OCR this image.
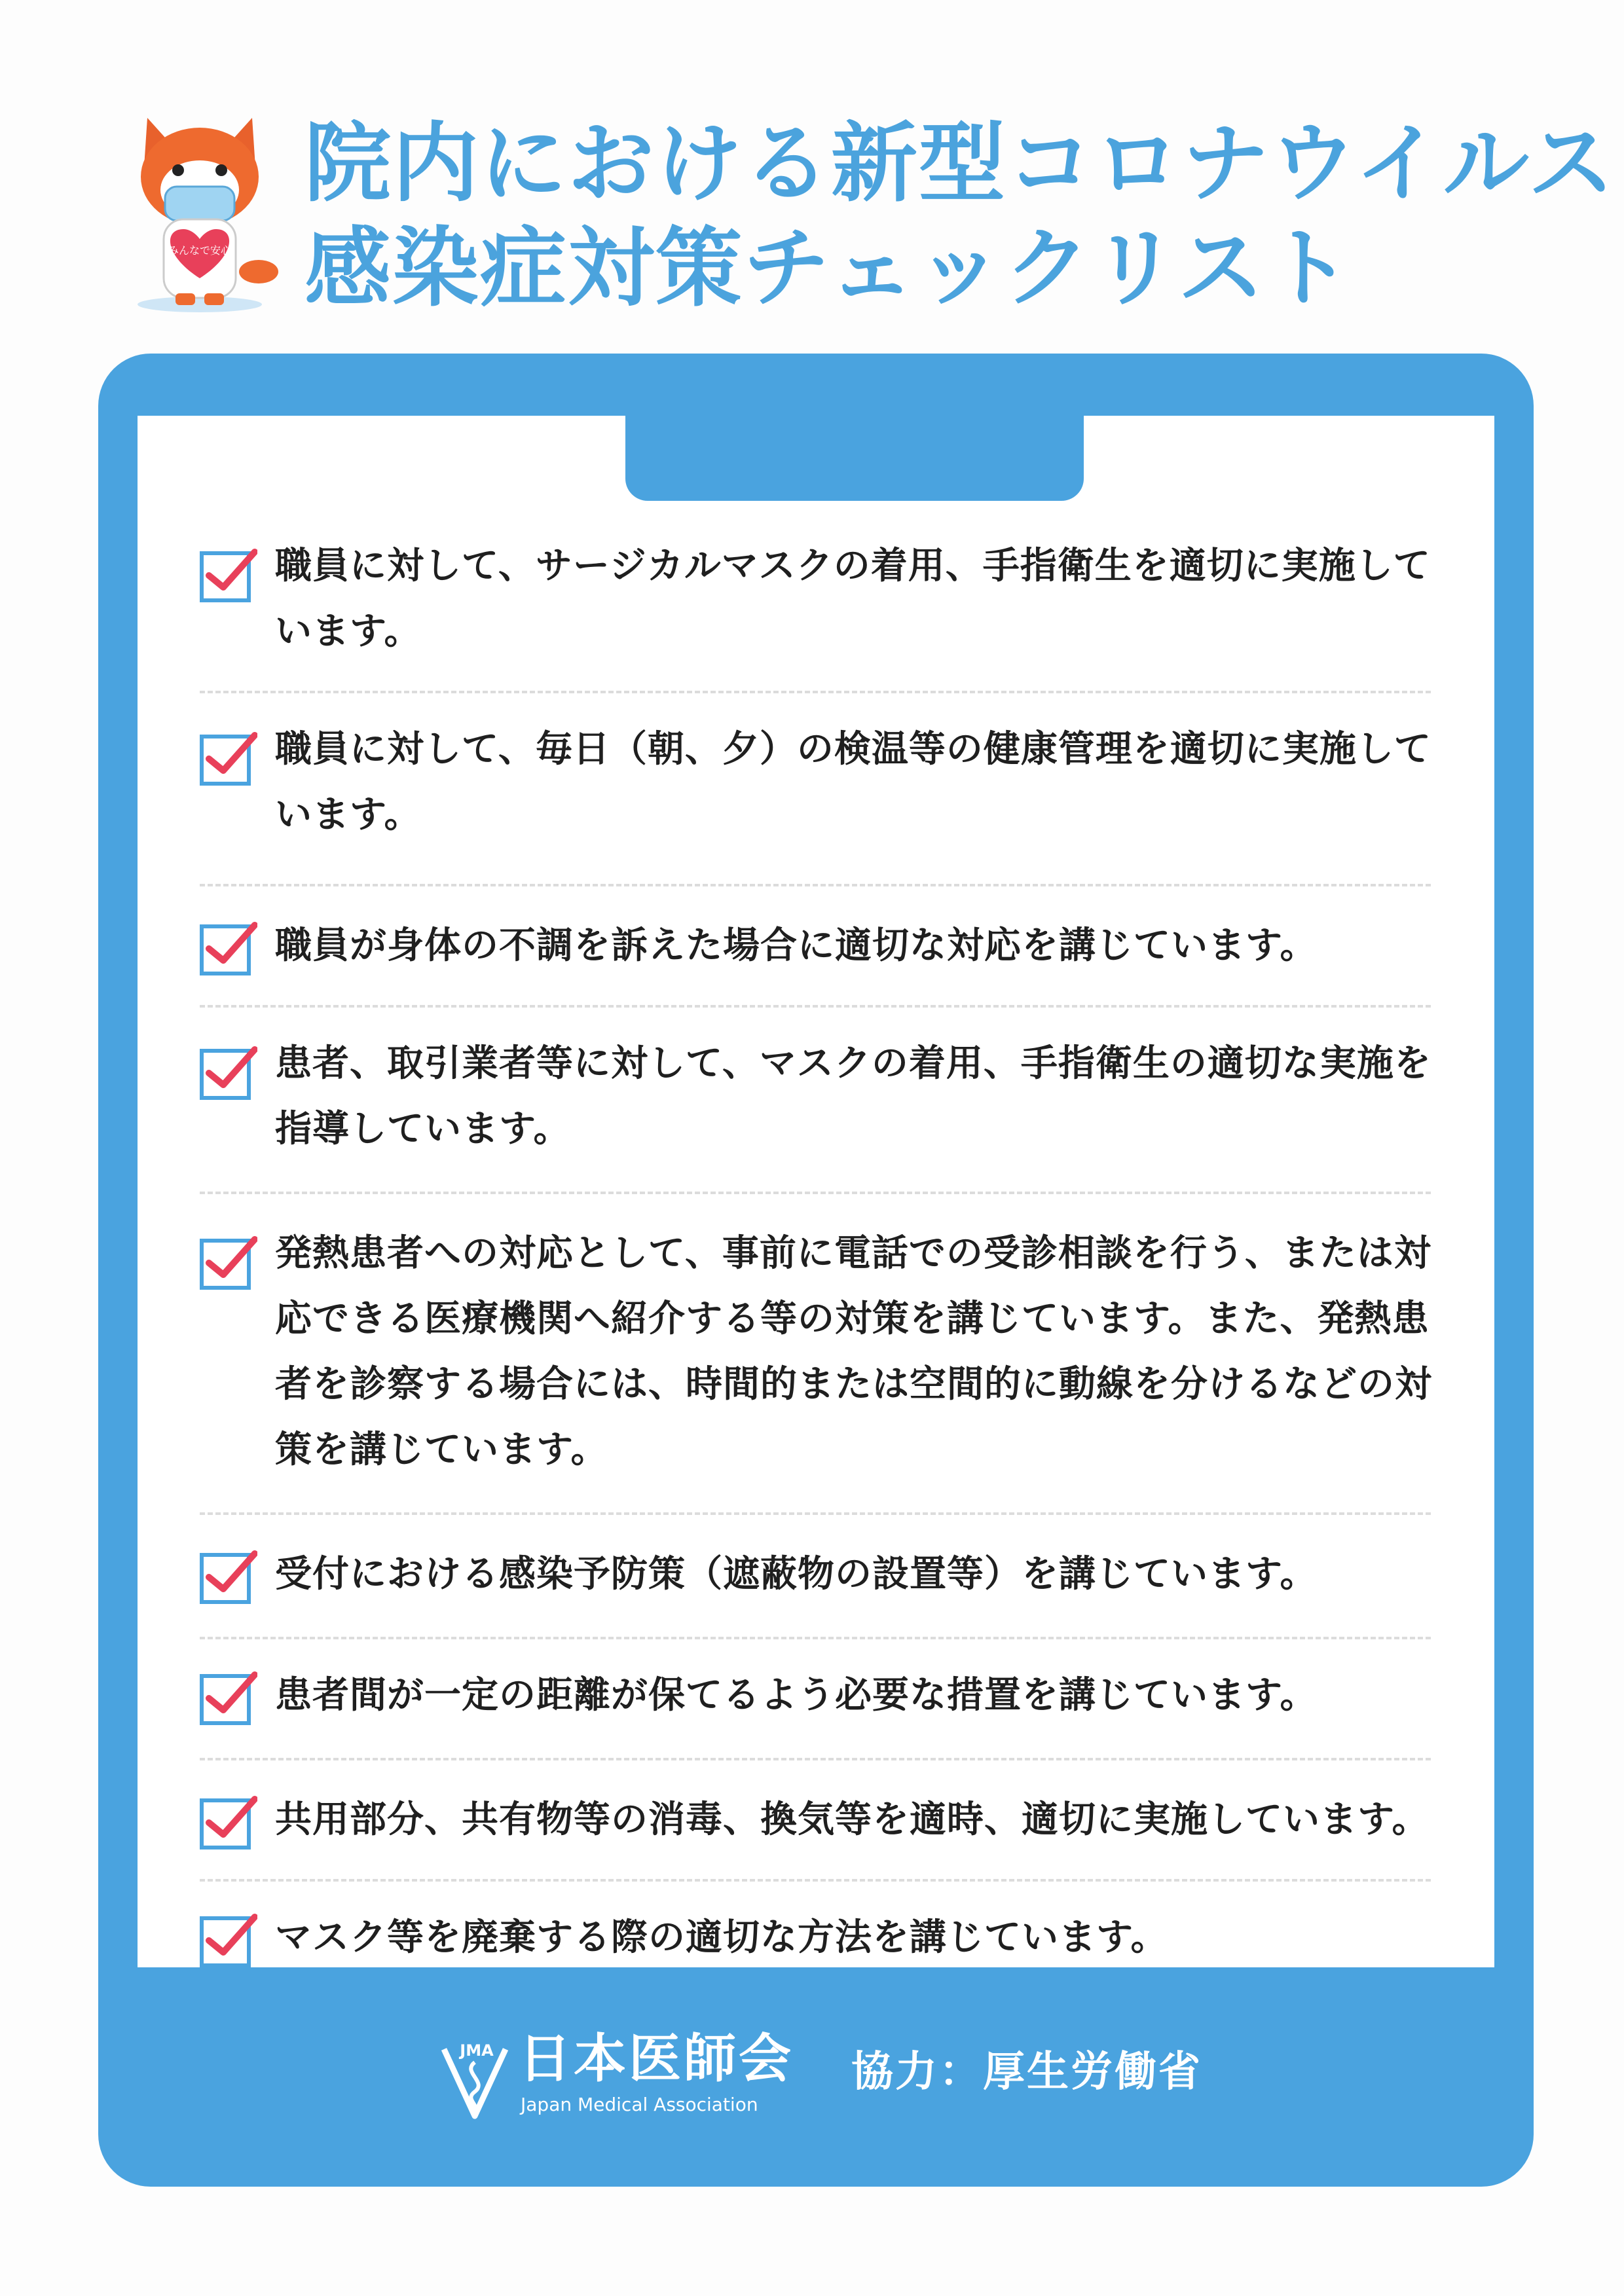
みんなで安心
院内における新型コロナウイルス
感染症対策チェックリスト
職員に対して、サージカルマスクの着用、手指衛生を適切に実施しています。
職員に対して、毎日（朝、夕）の検温等の健康管理を適切に実施しています。
職員が身体の不調を訴えた場合に適切な対応を講じています。
患者、取引業者等に対して、マスクの着用、手指衛生の適切な実施を指導しています。
発熱患者への対応として、事前に電話での受診相談を行う、または対応できる医療機関へ紹介する等の対策を講じています。また、発熱患者を診察する場合には、時間的または空間的に動線を分けるなどの対策を講じています。
受付における感染予防策（遮蔽物の設置等）を講じています。
患者間が一定の距離が保てるよう必要な措置を講じています。
共用部分、共有物等の消毒、換気等を適時、適切に実施しています。
マスク等を廃棄する際の適切な方法を講じています。
JMA 日本医師会
Japan Medical Association
協力：厚生労働省
